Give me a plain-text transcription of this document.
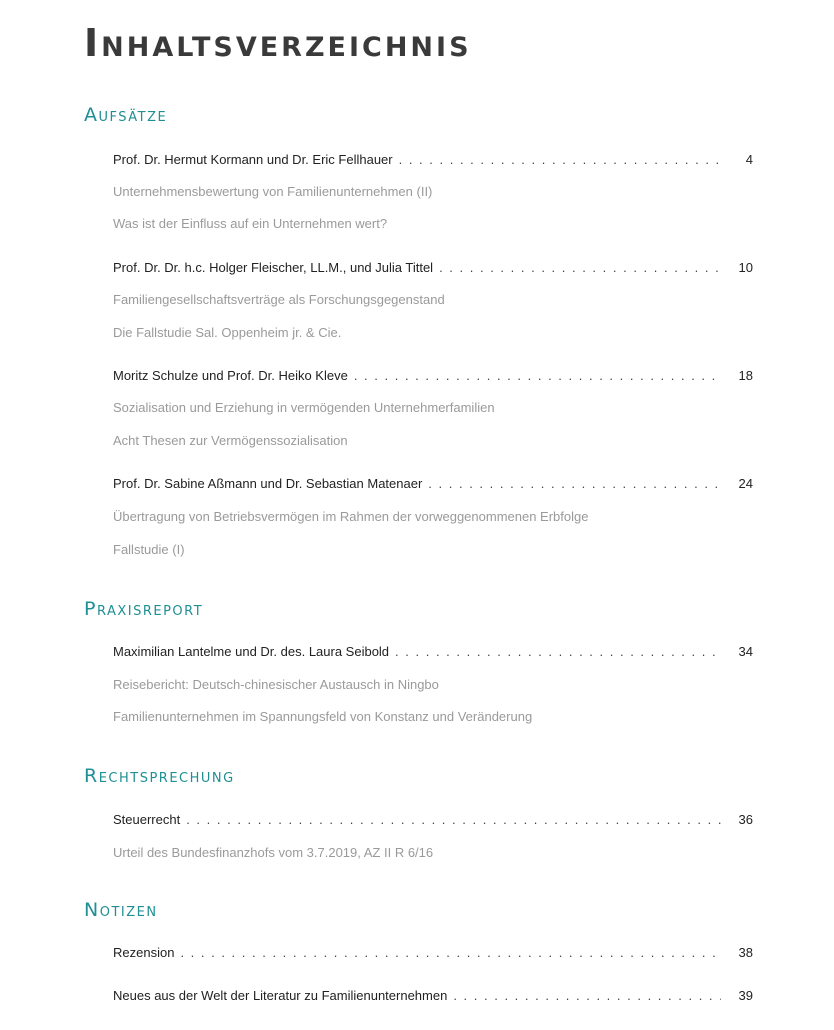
Inhaltsverzeichnis
Aufsätze
Prof. Dr. Hermut Kormann und Dr. Eric Fellhauer . . .	4

Unternehmensbewertung von Familienunternehmen (II)

Was ist der Einfluss auf ein Unternehmen wert?

Prof. Dr. Dr. h.c. Holger Fleischer, LL.M., und Julia Tittel . . .	10

Familiengesellschaftsverträge als Forschungsgegenstand

Die Fallstudie Sal. Oppenheim jr. & Cie.

Moritz Schulze und Prof. Dr. Heiko Kleve . . .	18

Sozialisation und Erziehung in vermögenden Unternehmerfamilien

Acht Thesen zur Vermögenssozialisation

Prof. Dr. Sabine Aßmann und Dr. Sebastian Matenaer . . .	24

Übertragung von Betriebsvermögen im Rahmen der vorweggenommenen Erbfolge

Fallstudie (I)

Praxisreport
Maximilian Lantelme und Dr. des. Laura Seibold . . .	34

Reisebericht: Deutsch-chinesischer Austausch in Ningbo

Familienunternehmen im Spannungsfeld von Konstanz und Veränderung

Rechtsprechung
Steuerrecht . . .	36

Urteil des Bundesfinanzhofs vom 3.7.2019, AZ II R 6/16

Notizen
Rezension . . .	38
Neues aus der Welt der Literatur zu Familienunternehmen . . .	39
